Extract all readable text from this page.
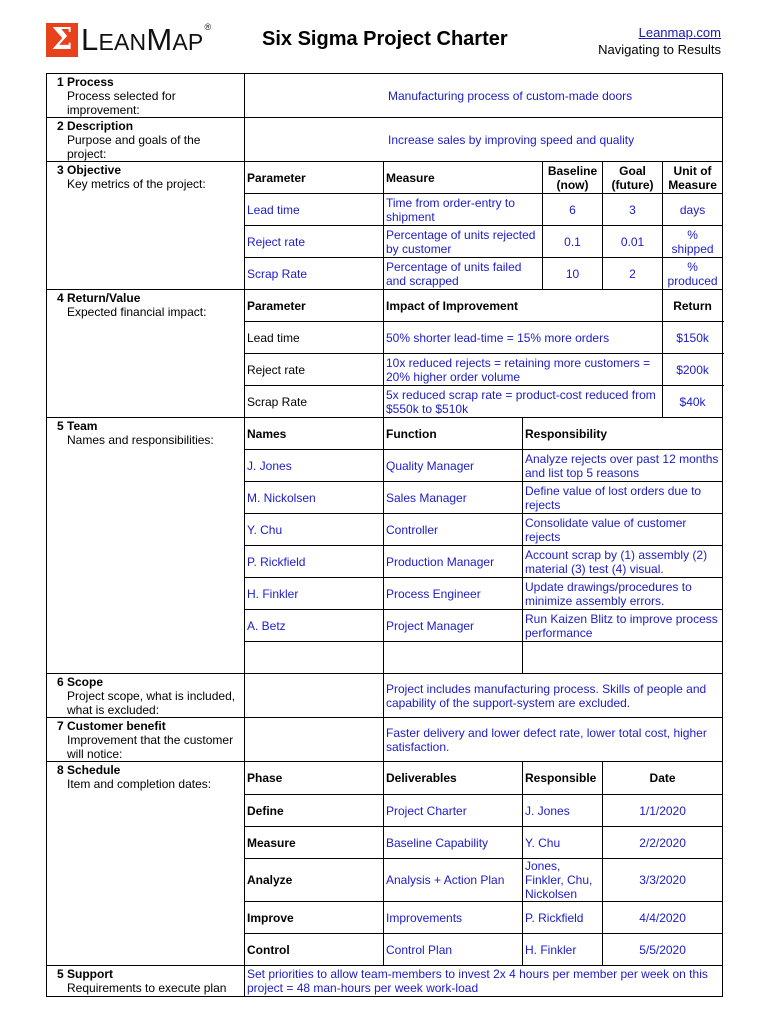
Σ LEANMAP®
Six Sigma Project Charter	Leanmap.com
Navigating to Results
1 Process
Process selected for improvement:	Manufacturing process of custom-made doors					

2 Description
Purpose and goals of the project:	Increase sales by improving speed and quality					

3 Objective
Key metrics of the project:	Parameter	Measure		Baseline (now)	Goal (future)	Unit of Measure
	Lead time	Time from order-entry to shipment		6	3	days
	Reject rate	Percentage of units rejected by customer		0.1	0.01	% shipped
	Scrap Rate	Percentage of units failed and scrapped		10	2	% produced

4 Return/Value
Expected financial impact:	Parameter	Impact of Improvement				Return
	Lead time	50% shorter lead-time = 15% more orders				$150k
	Reject rate	10x reduced rejects = retaining more customers = 20% higher order volume				$200k
	Scrap Rate	5x reduced scrap rate = product-cost reduced from $550k to $510k				$40k

5 Team
Names and responsibilities:	Names	Function	Responsibility			
	J. Jones	Quality Manager	Analyze rejects over past 12 months and list top 5 reasons			
	M. Nickolsen	Sales Manager	Define value of lost orders due to rejects			
	Y. Chu	Controller	Consolidate value of customer rejects			
	P. Rickfield	Production Manager	Account scrap by (1) assembly (2) material (3) test (4) visual.			
	H. Finkler	Process Engineer	Update drawings/procedures to minimize assembly errors.			
	A. Betz	Project Manager	Run Kaizen Blitz to improve process performance			

6 Scope
Project scope, what is included, what is excluded:		Project includes manufacturing process. Skills of people and capability of the support-system are excluded.				

7 Customer benefit
Improvement that the customer will notice:		Faster delivery and lower defect rate, lower total cost, higher satisfaction.				

8 Schedule
Item and completion dates:	Phase	Deliverables	Responsible		Date	
	Define	Project Charter	J. Jones		1/1/2020	
	Measure	Baseline Capability	Y. Chu		2/2/2020	
	Analyze	Analysis + Action Plan	Jones, Finkler, Chu, Nickolsen		3/3/2020	
	Improve	Improvements	P. Rickfield		4/4/2020	
	Control	Control Plan	H. Finkler		5/5/2020	

5 Support
Requirements to execute plan	Set priorities to allow team-members to invest 2x 4 hours per member per week on this project = 48 man-hours per week work-load					
